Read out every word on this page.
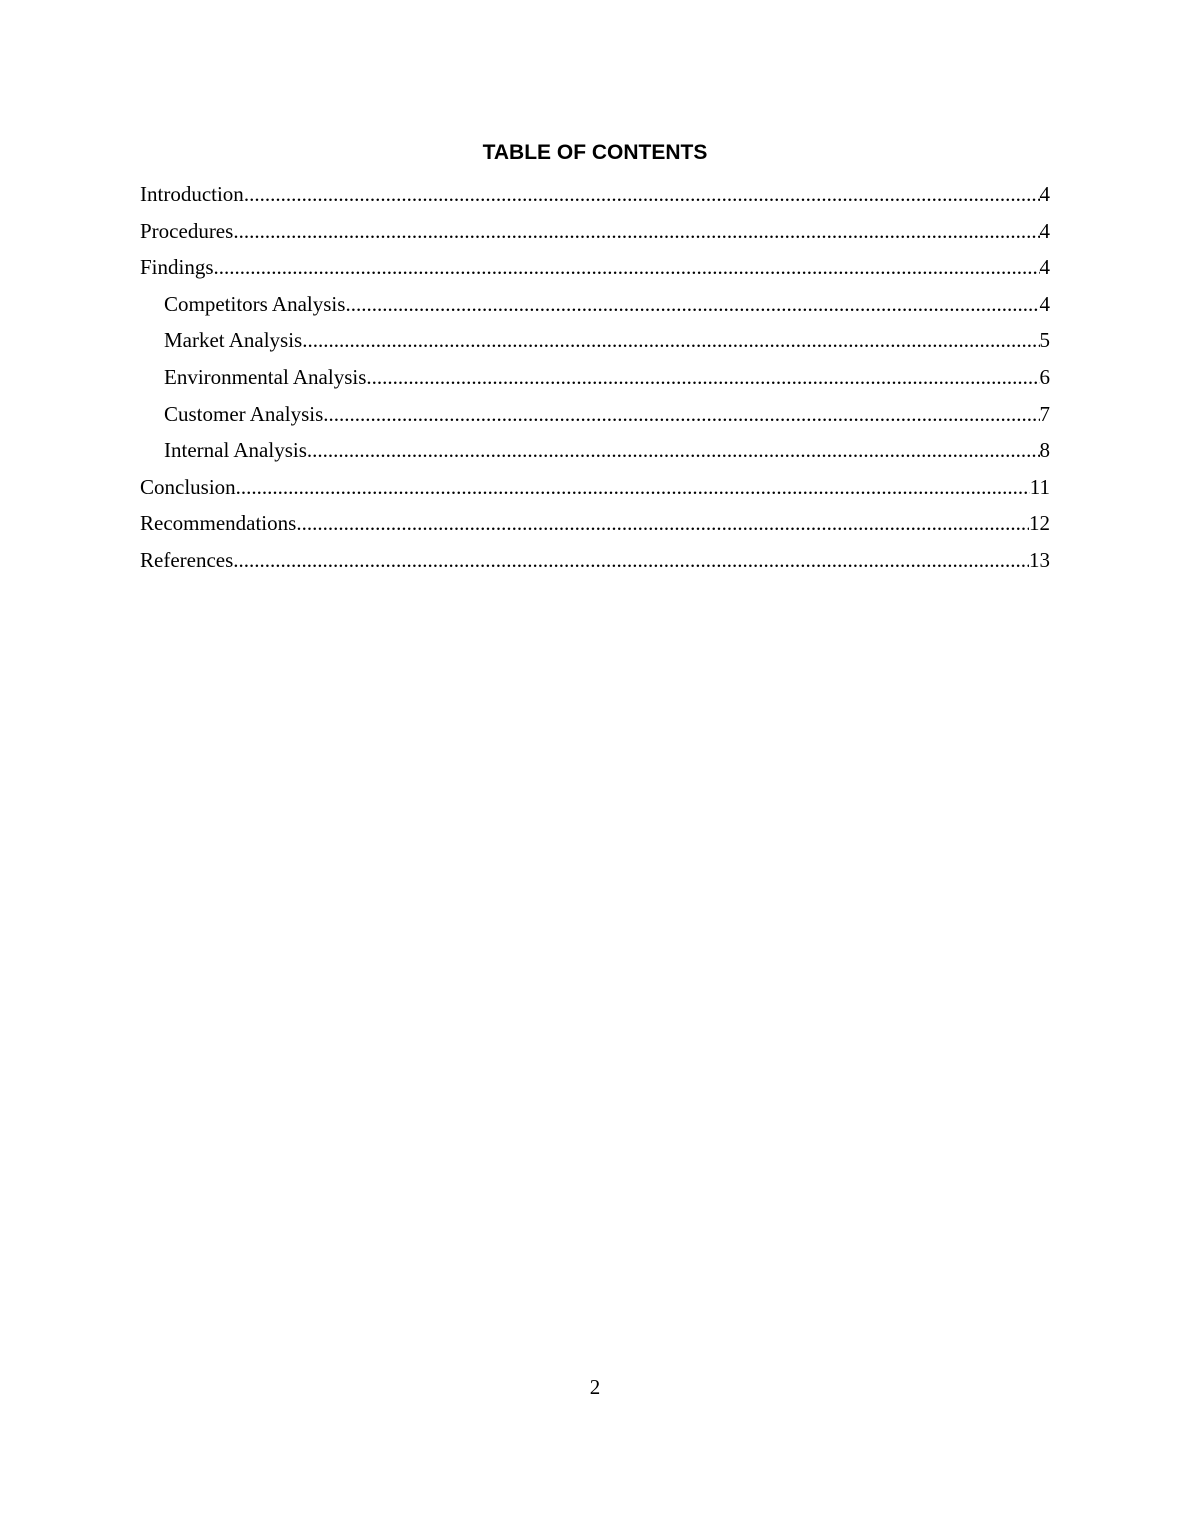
TABLE OF CONTENTS
Introduction .....	4
Procedures .....	4
Findings .....	4
Competitors Analysis .....	4
Market Analysis .....	5
Environmental Analysis .....	6
Customer Analysis .....	7
Internal Analysis .....	8
Conclusion .....	11
Recommendations .....	12
References .....	13

2
